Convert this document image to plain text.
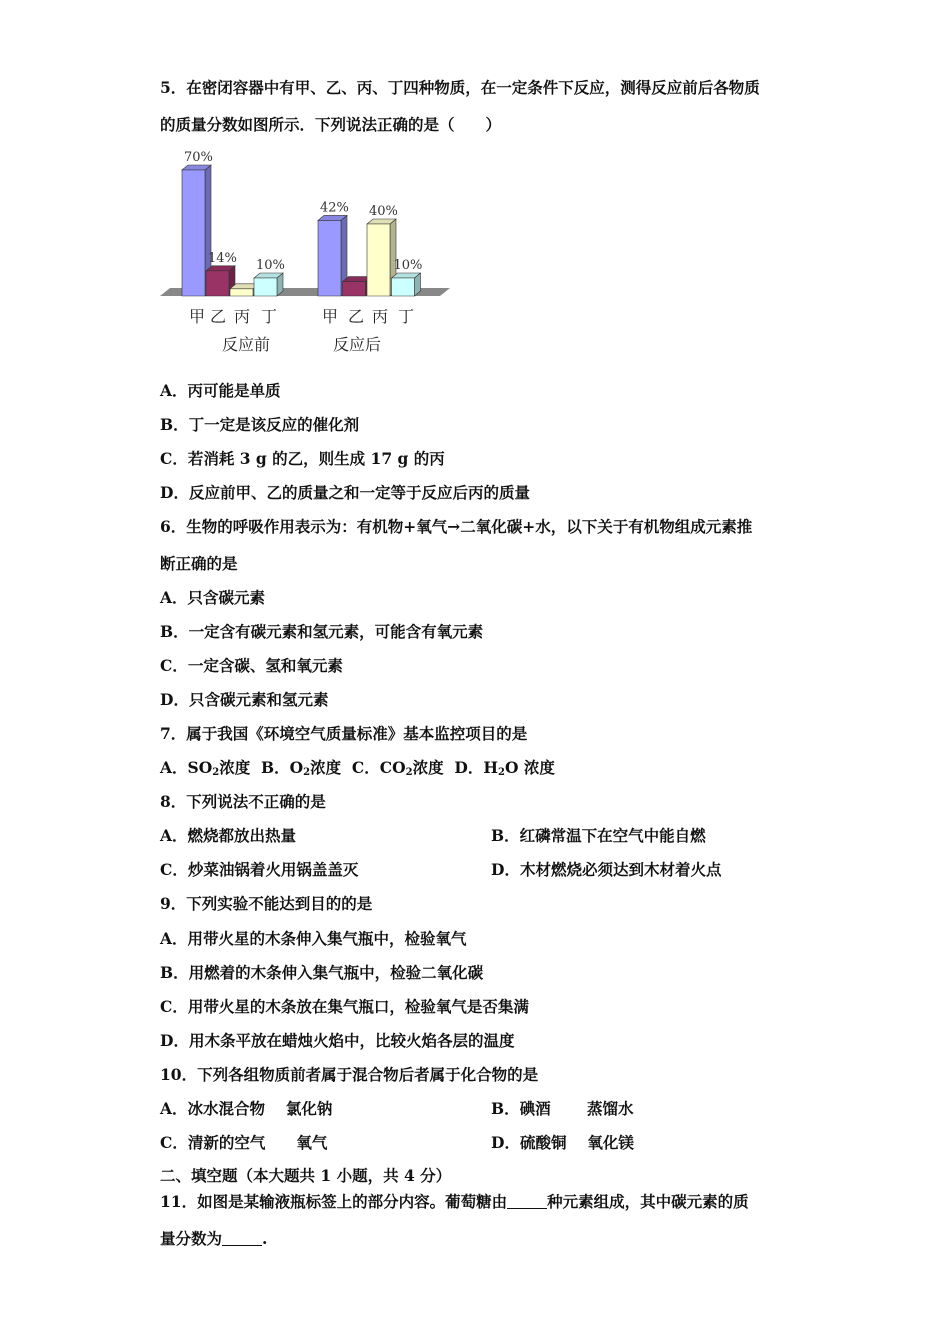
5．在密闭容器中有甲、乙、丙、丁四种物质，在一定条件下反应，测得反应前后各物质
的质量分数如图所示．下列说法正确的是（　　）
70%
14% 10%
42% 40%
10%
甲 乙 丙 丁	甲 乙 丙 丁
反应前	反应后
A．丙可能是单质
B．丁一定是该反应的催化剂
C．若消耗 3 g 的乙，则生成 17 g 的丙
D．反应前甲、乙的质量之和一定等于反应后丙的质量
6．生物的呼吸作用表示为：有机物+氧气→二氧化碳+水，以下关于有机物组成元素推
断正确的是
A．只含碳元素
B．一定含有碳元素和氢元素，可能含有氧元素
C．一定含碳、氢和氧元素
D．只含碳元素和氢元素
7．属于我国《环境空气质量标准》基本监控项目的是
A．$SO_2$浓度 B．$O_2$浓度 C．$CO_2$浓度 D．$H_2O$ 浓度
8．下列说法不正确的是
A．燃烧都放出热量	B．红磷常温下在空气中能自燃
C．炒菜油锅着火用锅盖盖灭	D．木材燃烧必须达到木材着火点
9．下列实验不能达到目的的是
A．用带火星的木条伸入集气瓶中，检验氧气
B．用燃着的木条伸入集气瓶中，检验二氧化碳
C．用带火星的木条放在集气瓶口，检验氧气是否集满
D．用木条平放在蜡烛火焰中，比较火焰各层的温度
10．下列各组物质前者属于混合物后者属于化合物的是
A．冰水混合物　 氯化钠	B．碘酒　　 蒸馏水
C．清新的空气　　氧气	D．硫酸铜　 氧化镁
二、填空题（本大题共 1 小题，共 4 分）
11．如图是某输液瓶标签上的部分内容。葡萄糖由	种元素组成，其中碳元素的质
量分数为	.
